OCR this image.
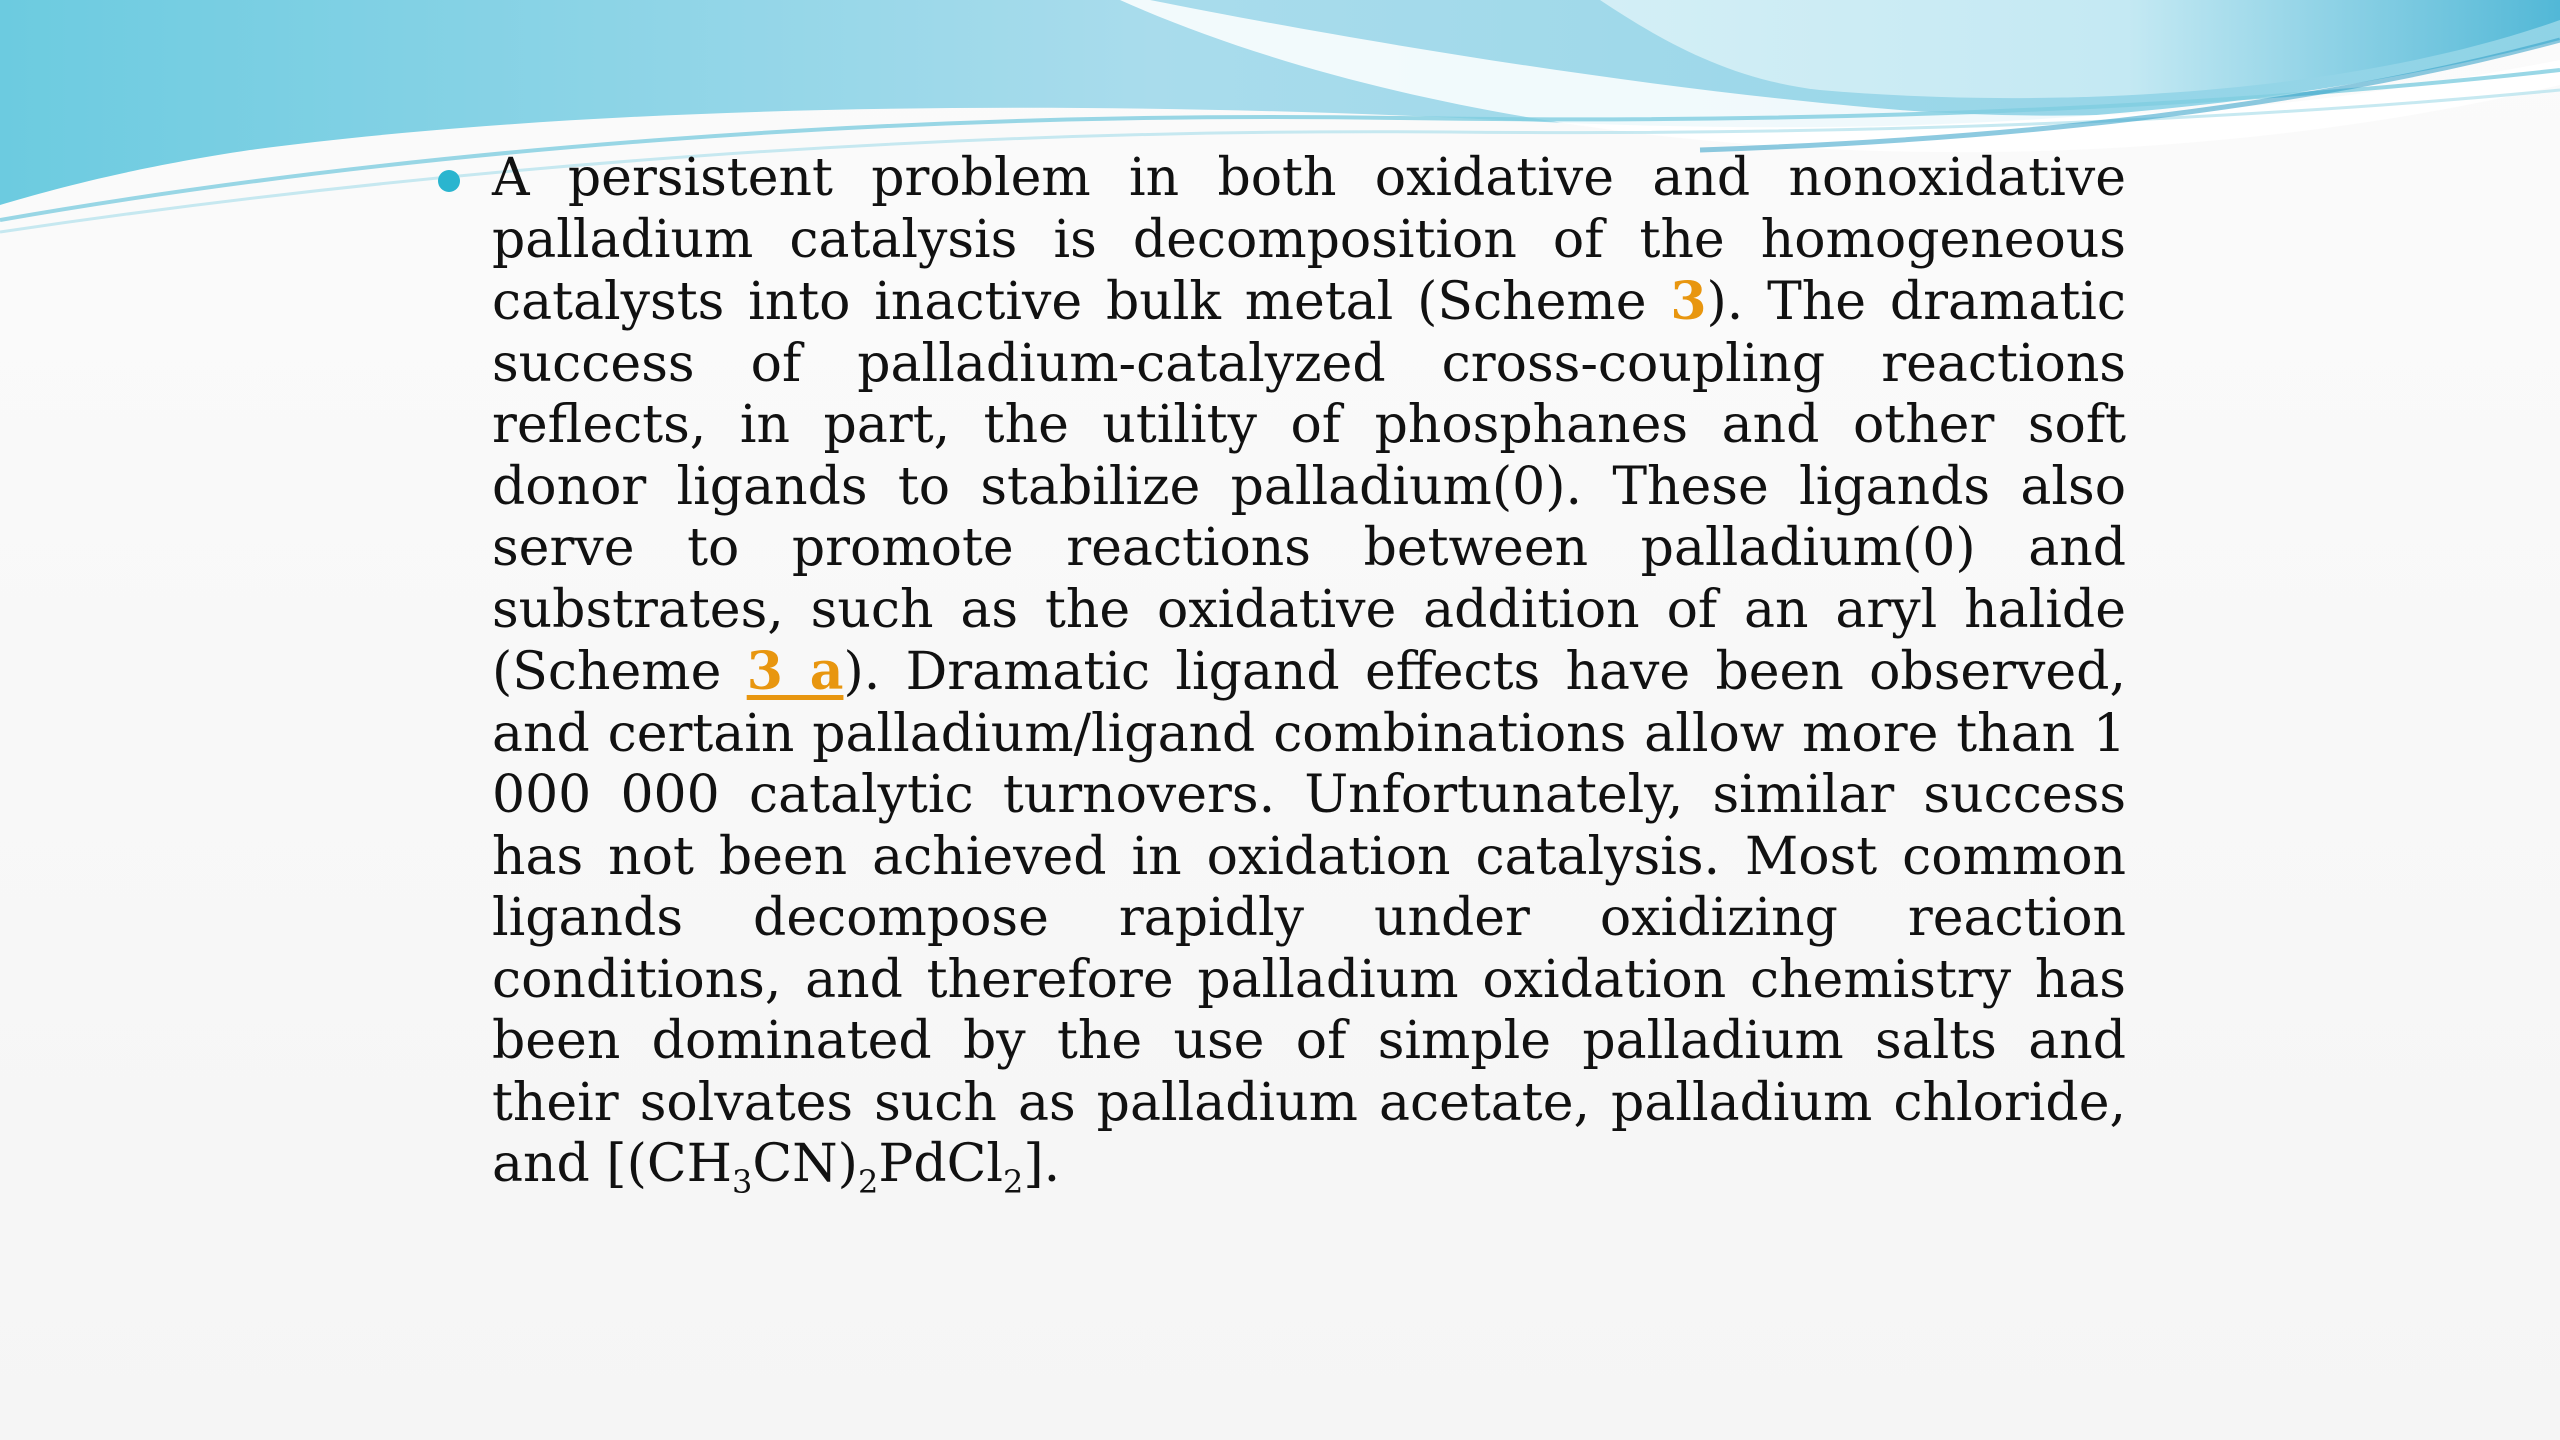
A persistent problem in both oxidative and nonoxidative palladium catalysis is decomposition of the homogeneous catalysts into inactive bulk metal (Scheme 3). The dramatic success of palladium-catalyzed cross-coupling reactions reflects, in part, the utility of phosphanes and other soft donor ligands to stabilize palladium(0). These ligands also serve to promote reactions between palladium(0) and substrates, such as the oxidative addition of an aryl halide (Scheme 3 a). Dramatic ligand effects have been observed, and certain palladium/ligand combinations allow more than 1 000 000 catalytic turnovers. Unfortunately, similar success has not been achieved in oxidation catalysis. Most common ligands decompose rapidly under oxidizing reaction conditions, and therefore palladium oxidation chemistry has been dominated by the use of simple palladium salts and their solvates such as palladium acetate, palladium chloride, and $[(CH_3CN)_2PdCl_2]$.
